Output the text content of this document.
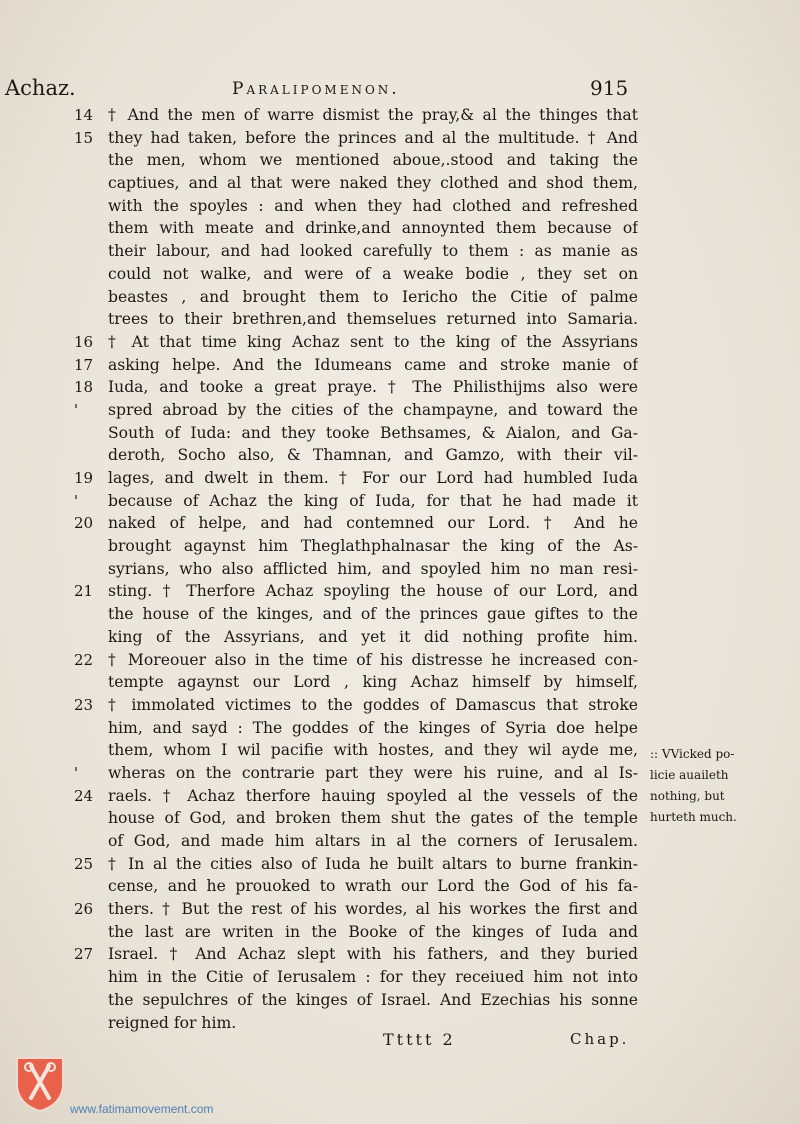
Achaz.	Paralipomenon.	915
14 † And the men of warre dismist the pray,& al the thinges that
15 they had taken, before the princes and al the multitude. † And
the men, whom we mentioned aboue,.stood and taking the
captiues, and al that were naked they clothed and shod them,
with the spoyles : and when they had clothed and refreshed
them with meate and drinke,and annoynted them because of
their labour, and had looked carefully to them : as manie as
could not walke, and were of a weake bodie , they set on
beastes , and brought them to Iericho the Citie of palme
trees to their brethren,and themselues returned into Samaria.
16 † At that time king Achaz sent to the king of the Assyrians
17 asking helpe. And the Idumeans came and stroke manie of
18 Iuda, and tooke a great praye. † The Philisthijms also were
'	spred abroad by the cities of the champayne, and toward the
South of Iuda: and they tooke Bethsames, & Aialon, and Ga-
deroth, Socho also, & Thamnan, and Gamzo, with their vil-
19 lages, and dwelt in them. † For our Lord had humbled Iuda
'	because of Achaz the king of Iuda, for that he had made it
20 naked of helpe, and had contemned our Lord. † And he
brought agaynst him Theglathphalnasar the king of the As-
syrians, who also afflicted him, and spoyled him no man resi-
21 sting. † Therfore Achaz spoyling the house of our Lord, and
the house of the kinges, and of the princes gaue giftes to the
king of the Assyrians, and yet it did nothing profite him.
22 † Moreouer also in the time of his distresse he increased con-
tempte agaynst our Lord , king Achaz himself by himself,
23 † immolated victimes to the goddes of Damascus that stroke
him, and sayd : The goddes of the kinges of Syria doe helpe
them, whom I wil pacifie with hostes, and they wil ayde me,
'	wheras on the contrarie part they were his ruine, and al Is-
24 raels. † Achaz therfore hauing spoyled al the vessels of the
house of God, and broken them shut the gates of the temple
of God, and made him altars in al the corners of Ierusalem.
25 † In al the cities also of Iuda he built altars to burne frankin-
cense, and he prouoked to wrath our Lord the God of his fa-
26 thers. † But the rest of his wordes, al his workes the first and
the last are writen in the Booke of the kinges of Iuda and
27 Israel. † And Achaz slept with his fathers, and they buried
him in the Citie of Ierusalem : for they receiued him not into
the sepulchres of the kinges of Israel. And Ezechias his sonne
reigned for him.
:: VVicked po-
licie auaileth
nothing, but
hurteth much.
Ttttt 2	Chap.
www.fatimamovement.com
